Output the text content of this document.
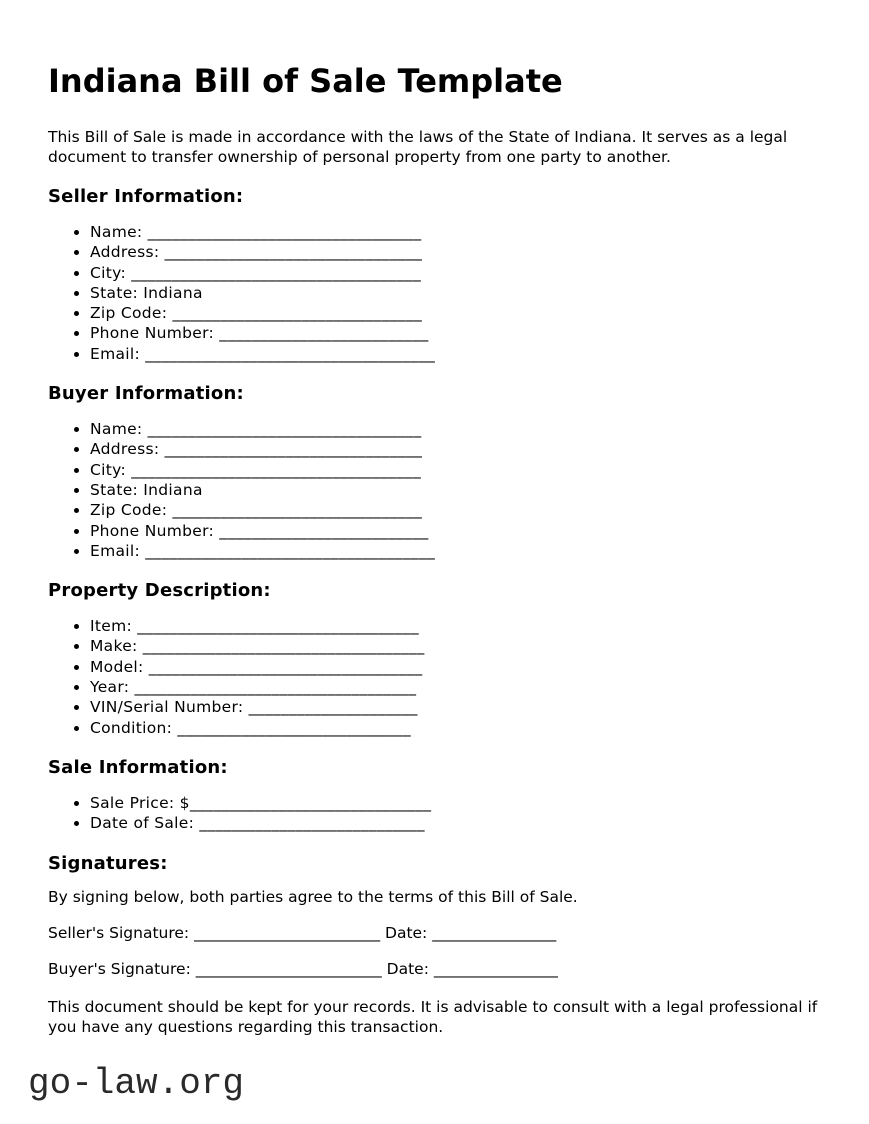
Indiana Bill of Sale Template

This Bill of Sale is made in accordance with the laws of the State of Indiana. It serves as a legal document to transfer ownership of personal property from one party to another.

Seller Information:
• Name: __________________________________
• Address: ________________________________
• City: ____________________________________
• State: Indiana
• Zip Code: _______________________________
• Phone Number: __________________________
• Email: ____________________________________
Buyer Information:
• Name: __________________________________
• Address: ________________________________
• City: ____________________________________
• State: Indiana
• Zip Code: _______________________________
• Phone Number: __________________________
• Email: ____________________________________
Property Description:
• Item: ___________________________________
• Make: ___________________________________
• Model: __________________________________
• Year: ___________________________________
• VIN/Serial Number: _____________________
• Condition: _____________________________
Sale Information:
• Sale Price: $______________________________
• Date of Sale: ____________________________
Signatures:

By signing below, both parties agree to the terms of this Bill of Sale.

Seller's Signature: ________________________ Date: ________________

Buyer's Signature: ________________________ Date: ________________

This document should be kept for your records. It is advisable to consult with a legal professional if you have any questions regarding this transaction.

go-law.org
